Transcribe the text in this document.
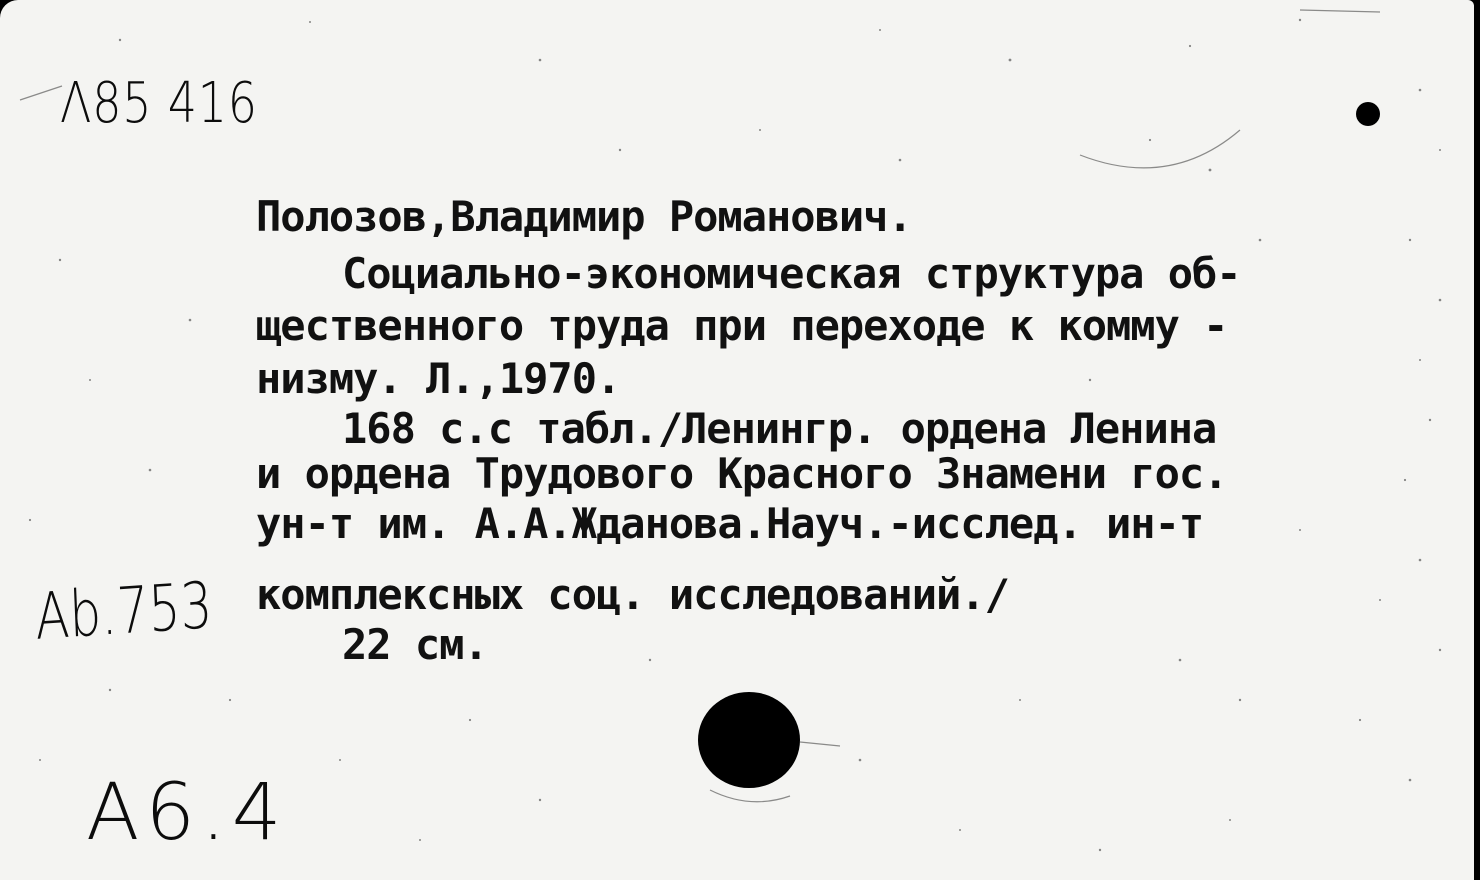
Λ85 416
Ab.753
A6.4
Полозов,Владимир Романович.
Социально-экономическая структура об-
щественного труда при переходе к комму -
низму. Л.,1970.
168 с.с табл./Ленингр. ордена Ленина
и ордена Трудового Красного Знамени гос.
ун-т им. А.А.Жданова.Науч.-исслед. ин-т
комплексных соц. исследований./
22 см.
